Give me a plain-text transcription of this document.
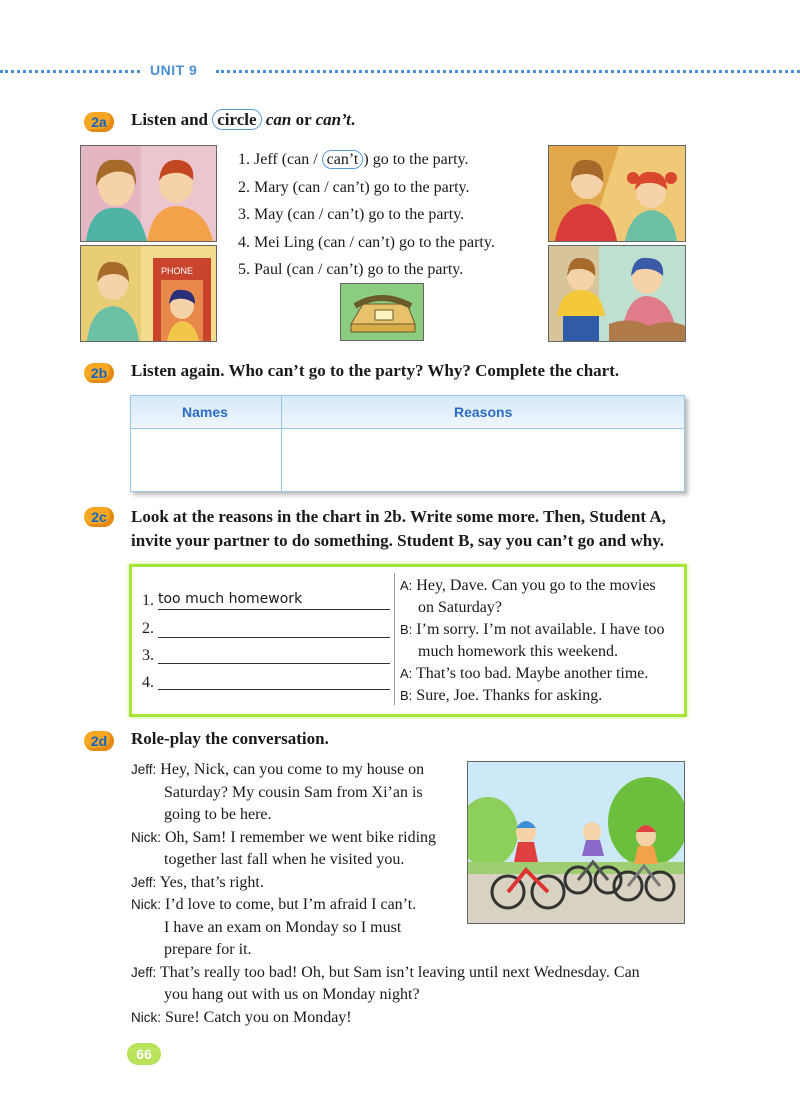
UNIT 9
2a	Listen and circle can or can’t.
PHONE
1. Jeff (can / can’t ) go to the party.
2. Mary (can / can’t) go to the party.
3. May (can / can’t) go to the party.
4. Mei Ling (can / can’t) go to the party.
5. Paul (can / can’t) go to the party.
2b	Listen again. Who can’t go to the party? Why? Complete the chart.
Names	Reasons
2c	Look at the reasons in the chart in 2b. Write some more. Then, Student A,
invite your partner to do something. Student B, say you can’t go and why.
1. too much homework
2.
3.
4.
A: Hey, Dave. Can you go to the movies
on Saturday?
B: I’m sorry. I’m not available. I have too
much homework this weekend.
A: That’s too bad. Maybe another time.
B: Sure, Joe. Thanks for asking.
2d	Role-play the conversation.
Jeff: Hey, Nick, can you come to my house on
Saturday? My cousin Sam from Xi’an is
going to be here.
Nick: Oh, Sam! I remember we went bike riding
together last fall when he visited you.
Jeff: Yes, that’s right.
Nick: I’d love to come, but I’m afraid I can’t.
I have an exam on Monday so I must
prepare for it.
Jeff: That’s really too bad! Oh, but Sam isn’t leaving until next Wednesday. Can
you hang out with us on Monday night?
Nick: Sure! Catch you on Monday!
66
